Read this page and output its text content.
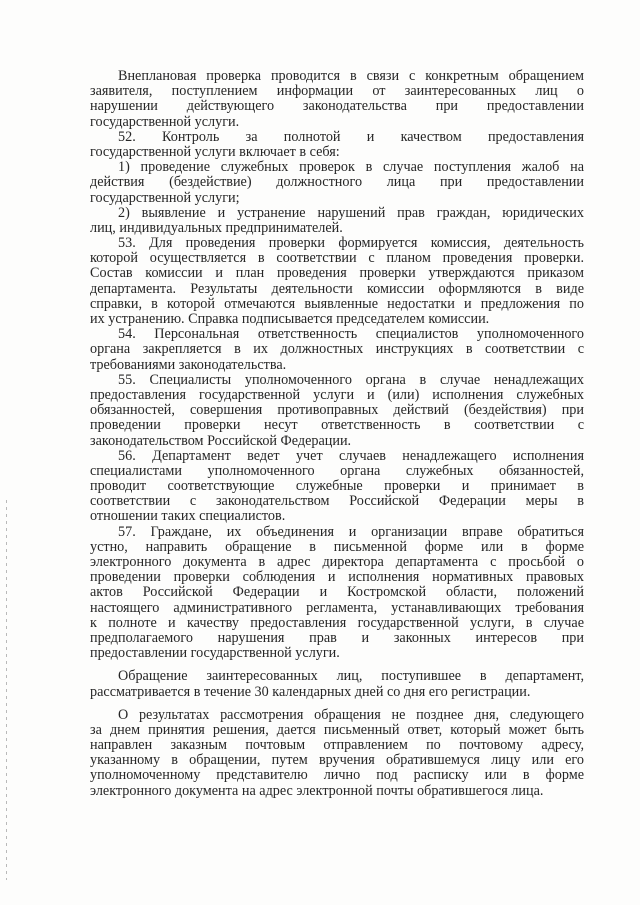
Внеплановая проверка проводится в связи с конкретным обращением
заявителя, поступлением информации от заинтересованных лиц о
нарушении действующего законодательства при предоставлении
государственной услуги.
52. Контроль за полнотой и качеством предоставления
государственной услуги включает в себя:
1) проведение служебных проверок в случае поступления жалоб на
действия (бездействие) должностного лица при предоставлении
государственной услуги;
2) выявление и устранение нарушений прав граждан, юридических
лиц, индивидуальных предпринимателей.
53. Для проведения проверки формируется комиссия, деятельность
которой осуществляется в соответствии с планом проведения проверки.
Состав комиссии и план проведения проверки утверждаются приказом
департамента. Результаты деятельности комиссии оформляются в виде
справки, в которой отмечаются выявленные недостатки и предложения по
их устранению. Справка подписывается председателем комиссии.
54. Персональная ответственность специалистов уполномоченного
органа закрепляется в их должностных инструкциях в соответствии с
требованиями законодательства.
55. Специалисты уполномоченного органа в случае ненадлежащих
предоставления государственной услуги и (или) исполнения служебных
обязанностей, совершения противоправных действий (бездействия) при
проведении проверки несут ответственность в соответствии с
законодательством Российской Федерации.
56. Департамент ведет учет случаев ненадлежащего исполнения
специалистами уполномоченного органа служебных обязанностей,
проводит соответствующие служебные проверки и принимает в
соответствии с законодательством Российской Федерации меры в
отношении таких специалистов.
57. Граждане, их объединения и организации вправе обратиться
устно, направить обращение в письменной форме или в форме
электронного документа в адрес директора департамента с просьбой о
проведении проверки соблюдения и исполнения нормативных правовых
актов Российской Федерации и Костромской области, положений
настоящего административного регламента, устанавливающих требования
к полноте и качеству предоставления государственной услуги, в случае
предполагаемого нарушения прав и законных интересов при
предоставлении государственной услуги.
Обращение заинтересованных лиц, поступившее в департамент,
рассматривается в течение 30 календарных дней со дня его регистрации.
О результатах рассмотрения обращения не позднее дня, следующего
за днем принятия решения, дается письменный ответ, который может быть
направлен заказным почтовым отправлением по почтовому адресу,
указанному в обращении, путем вручения обратившемуся лицу или его
уполномоченному представителю лично под расписку или в форме
электронного документа на адрес электронной почты обратившегося лица.
